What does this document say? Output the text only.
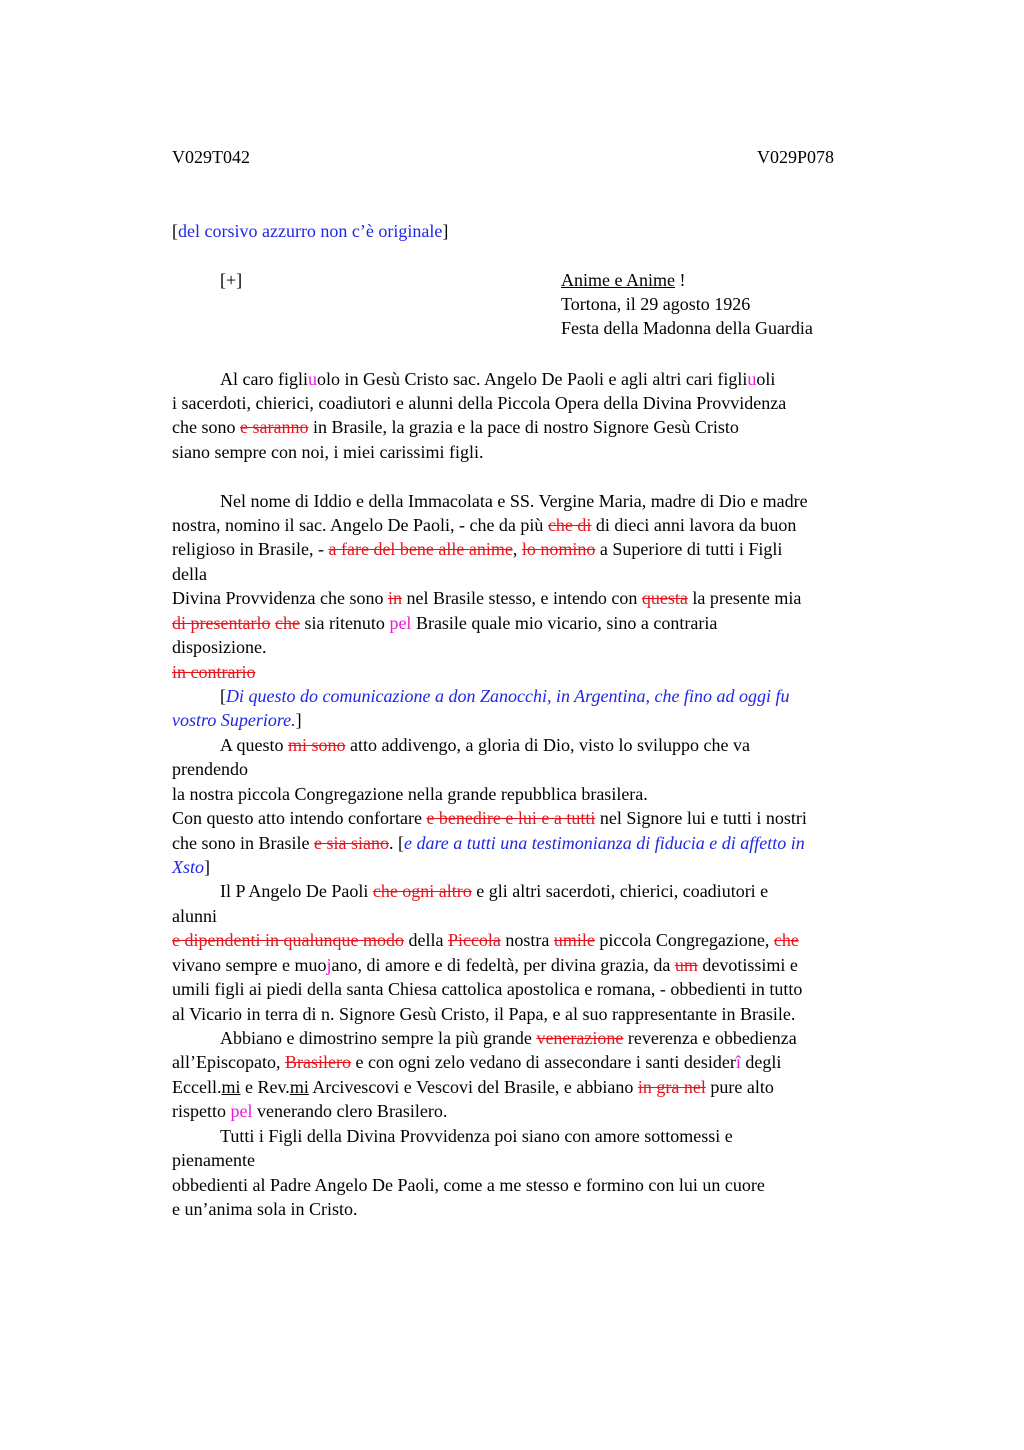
V029T042	V029P078
[del corsivo azzurro non c’è originale]
[+]	Anime e Anime !
Tortona, il 29 agosto 1926
Festa della Madonna della Guardia
Al caro figliuolo in Gesù Cristo sac. Angelo De Paoli e agli altri cari figliuoli
i sacerdoti, chierici, coadiutori e alunni della Piccola Opera della Divina Provvidenza
che sono e saranno in Brasile, la grazia e la pace di nostro Signore Gesù Cristo
siano sempre con noi, i miei carissimi figli.
Nel nome di Iddio e della Immacolata e SS. Vergine Maria, madre di Dio e madre
nostra, nomino il sac. Angelo De Paoli, - che da più che di di dieci anni lavora da buon
religioso in Brasile, - a fare del bene alle anime, lo nomino a Superiore di tutti i Figli
della
Divina Provvidenza che sono in nel Brasile stesso, e intendo con questa la presente mia
di presentarlo che sia ritenuto pel Brasile quale mio vicario, sino a contraria
disposizione.
in contrario
[Di questo do comunicazione a don Zanocchi, in Argentina, che fino ad oggi fu
vostro Superiore.]
A questo mi sono atto addivengo, a gloria di Dio, visto lo sviluppo che va
prendendo
la nostra piccola Congregazione nella grande repubblica brasilera.
Con questo atto intendo confortare e benedire e lui e a tutti nel Signore lui e tutti i nostri
che sono in Brasile e sia siano. [e dare a tutti una testimonianza di fiducia e di affetto in
Xsto]
Il P Angelo De Paoli che ogni altro e gli altri sacerdoti, chierici, coadiutori e
alunni
e dipendenti in qualunque modo della Piccola nostra umile piccola Congregazione, che
vivano sempre e muojano, di amore e di fedeltà, per divina grazia, da um devotissimi e
umili figli ai piedi della santa Chiesa cattolica apostolica e romana, - obbedienti in tutto
al Vicario in terra di n. Signore Gesù Cristo, il Papa, e al suo rappresentante in Brasile.
Abbiano e dimostrino sempre la più grande venerazione reverenza e obbedienza
all’Episcopato, Brasilero e con ogni zelo vedano di assecondare i santi desiderî degli
Eccell.mi e Rev.mi Arcivescovi e Vescovi del Brasile, e abbiano in gra nel pure alto
rispetto pel venerando clero Brasilero.
Tutti i Figli della Divina Provvidenza poi siano con amore sottomessi e
pienamente
obbedienti al Padre Angelo De Paoli, come a me stesso e formino con lui un cuore
e un’anima sola in Cristo.
